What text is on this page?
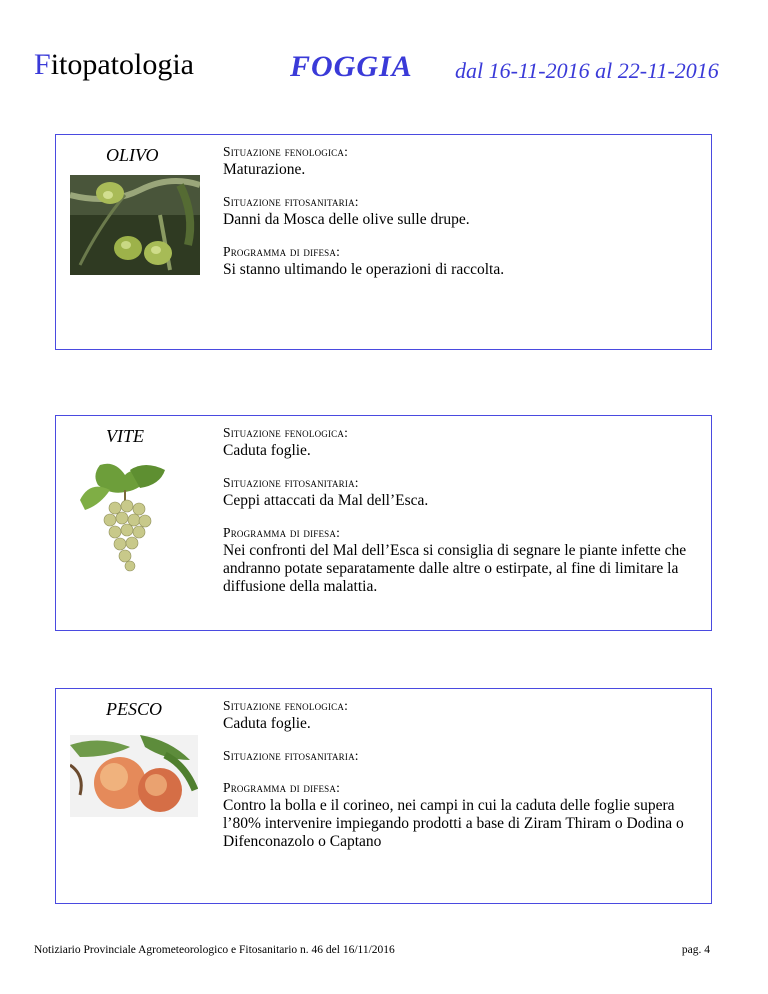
Fitopatologia	FOGGIA dal 16-11-2016 al 22-11-2016
OLIVO	Situazione fenologica:
Maturazione.
Situazione fitosanitaria:
Danni da Mosca delle olive sulle drupe.
Programma di difesa:
Si stanno ultimando le operazioni di raccolta.
VITE	Situazione fenologica:
Caduta foglie.
Situazione fitosanitaria:
Ceppi attaccati da Mal dell’Esca.
Programma di difesa:
Nei confronti del Mal dell’Esca si consiglia di segnare le piante infette che andranno potate separatamente dalle altre o estirpate, al fine di limitare la diffusione della malattia.
PESCO	Situazione fenologica:
Caduta foglie.
Situazione fitosanitaria:
Programma di difesa:
Contro la bolla e il corineo, nei campi in cui la caduta delle foglie supera l’80% intervenire impiegando prodotti a base di Ziram Thiram o Dodina o Difenconazolo o Captano
Notiziario Provinciale Agrometeorologico e Fitosanitario n. 46 del 16/11/2016	pag. 4
